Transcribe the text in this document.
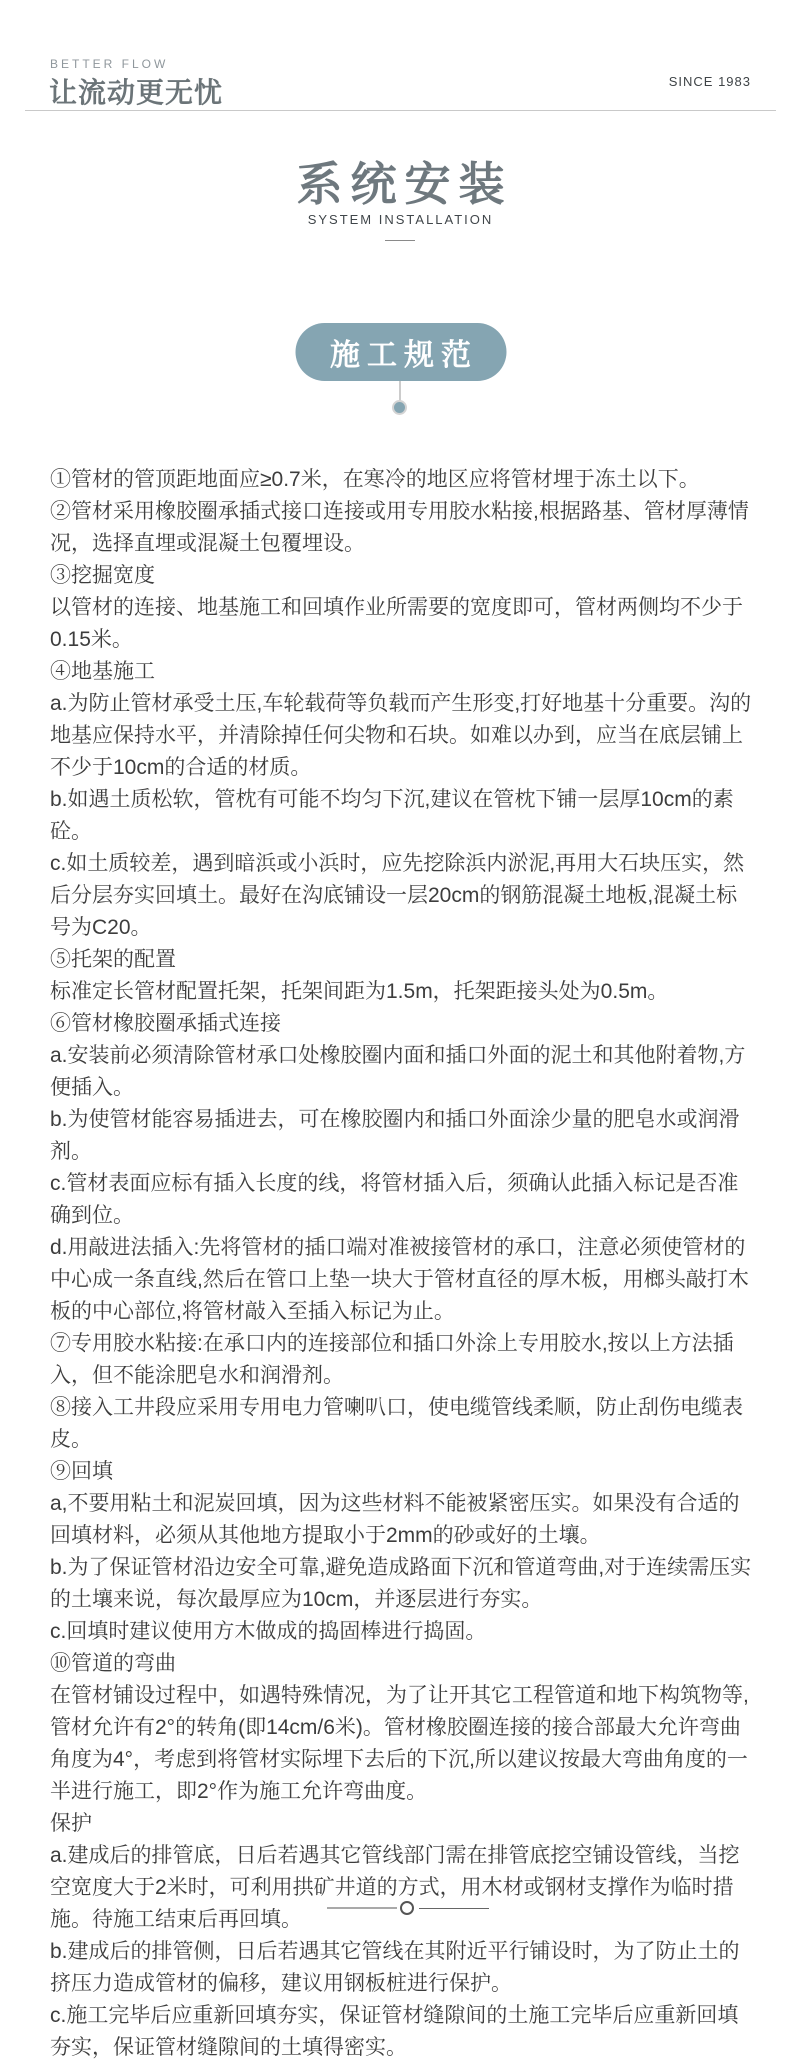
BETTER FLOW
让流动更无忧	SINCE 1983
系统安装
SYSTEM INSTALLATION
施工规范

①管材的管顶距地面应≥0.7米，在寒冷的地区应将管材埋于冻土以下。

②管材采用橡胶圈承插式接口连接或用专用胶水粘接,根据路基、管材厚薄情况，选择直埋或混凝土包覆埋设。

③挖掘宽度

以管材的连接、地基施工和回填作业所需要的宽度即可，管材两侧均不少于0.15米。

④地基施工

a.为防止管材承受土压,车轮载荷等负载而产生形变,打好地基十分重要。沟的地基应保持水平，并清除掉任何尖物和石块。如难以办到，应当在底层铺上不少于10cm的合适的材质。

b.如遇土质松软，管枕有可能不均匀下沉,建议在管枕下铺一层厚10cm的素砼。

c.如土质较差，遇到暗浜或小浜时，应先挖除浜内淤泥,再用大石块压实，然后分层夯实回填土。最好在沟底铺设一层20cm的钢筋混凝土地板,混凝土标号为C20。

⑤托架的配置

标准定长管材配置托架，托架间距为1.5m，托架距接头处为0.5m。

⑥管材橡胶圈承插式连接

a.安装前必须清除管材承口处橡胶圈内面和插口外面的泥土和其他附着物,方便插入。

b.为使管材能容易插进去，可在橡胶圈内和插口外面涂少量的肥皂水或润滑剂。

c.管材表面应标有插入长度的线，将管材插入后，须确认此插入标记是否准确到位。

d.用敲进法插入:先将管材的插口端对准被接管材的承口，注意必须使管材的中心成一条直线,然后在管口上垫一块大于管材直径的厚木板，用榔头敲打木板的中心部位,将管材敲入至插入标记为止。

⑦专用胶水粘接:在承口内的连接部位和插口外涂上专用胶水,按以上方法插入，但不能涂肥皂水和润滑剂。

⑧接入工井段应采用专用电力管喇叭口，使电缆管线柔顺，防止刮伤电缆表皮。

⑨回填

a,不要用粘土和泥炭回填，因为这些材料不能被紧密压实。如果没有合适的回填材料，必须从其他地方提取小于2mm的砂或好的土壤。

b.为了保证管材沿边安全可靠,避免造成路面下沉和管道弯曲,对于连续需压实的土壤来说，每次最厚应为10cm，并逐层进行夯实。

c.回填时建议使用方木做成的捣固棒进行捣固。

⑩管道的弯曲

在管材铺设过程中，如遇特殊情况，为了让开其它工程管道和地下构筑物等,管材允许有2°的转角(即14cm/6米)。管材橡胶圈连接的接合部最大允许弯曲角度为4°，考虑到将管材实际埋下去后的下沉,所以建议按最大弯曲角度的一半进行施工，即2°作为施工允许弯曲度。

保护

a.建成后的排管底，日后若遇其它管线部门需在排管底挖空铺设管线，当挖空宽度大于2米时，可利用拱矿井道的方式，用木材或钢材支撑作为临时措施。待施工结束后再回填。

b.建成后的排管侧，日后若遇其它管线在其附近平行铺设时，为了防止土的挤压力造成管材的偏移，建议用钢板桩进行保护。

c.施工完毕后应重新回填夯实，保证管材缝隙间的土施工完毕后应重新回填夯实，保证管材缝隙间的土填得密实。
